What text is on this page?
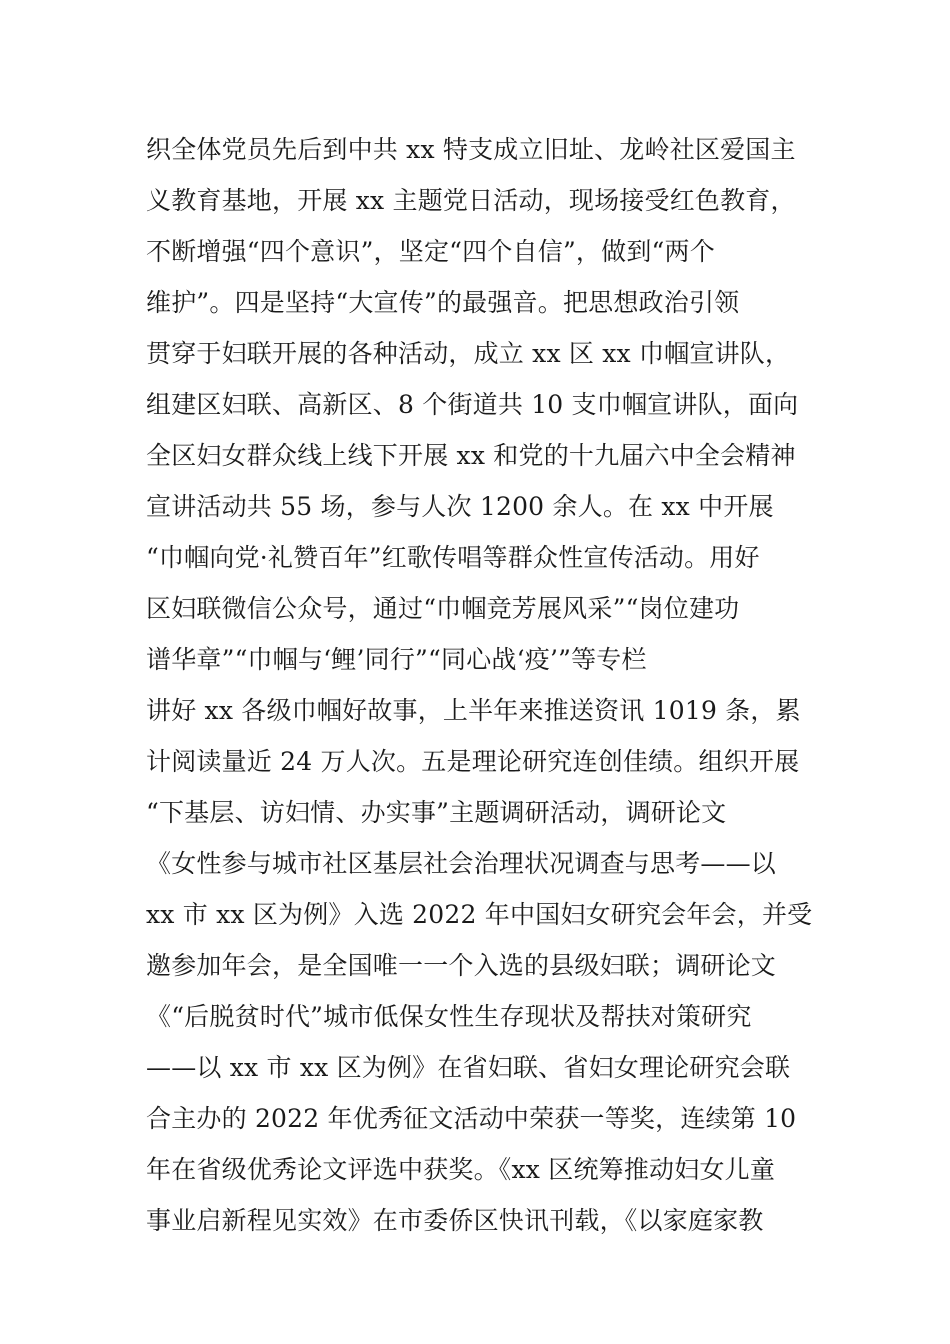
织全体党员先后到中共 xx 特支成立旧址、龙岭社区爱国主

义教育基地，开展 xx 主题党日活动，现场接受红色教育，

不断增强“四个意识”，坚定“四个自信”，做到“两个

维护”。四是坚持“大宣传”的最强音。把思想政治引领

贯穿于妇联开展的各种活动，成立 xx 区 xx 巾帼宣讲队，

组建区妇联、高新区、8 个街道共 10 支巾帼宣讲队，面向

全区妇女群众线上线下开展 xx 和党的十九届六中全会精神

宣讲活动共 55 场，参与人次 1200 余人。在 xx 中开展

“巾帼向党·礼赞百年”红歌传唱等群众性宣传活动。用好

区妇联微信公众号，通过“巾帼竞芳展风采”“岗位建功

谱华章”“巾帼与‘鲤’同行”“同心战‘疫’”等专栏

讲好 xx 各级巾帼好故事，上半年来推送资讯 1019 条，累

计阅读量近 24 万人次。五是理论研究连创佳绩。组织开展

“下基层、访妇情、办实事”主题调研活动，调研论文

《女性参与城市社区基层社会治理状况调查与思考——以

xx 市 xx 区为例》入选 2022 年中国妇女研究会年会，并受

邀参加年会，是全国唯一一个入选的县级妇联；调研论文

《“后脱贫时代”城市低保女性生存现状及帮扶对策研究

——以 xx 市 xx 区为例》在省妇联、省妇女理论研究会联

合主办的 2022 年优秀征文活动中荣获一等奖，连续第 10

年在省级优秀论文评选中获奖。《xx 区统筹推动妇女儿童

事业启新程见实效》在市委侨区快讯刊载，《以家庭家教
